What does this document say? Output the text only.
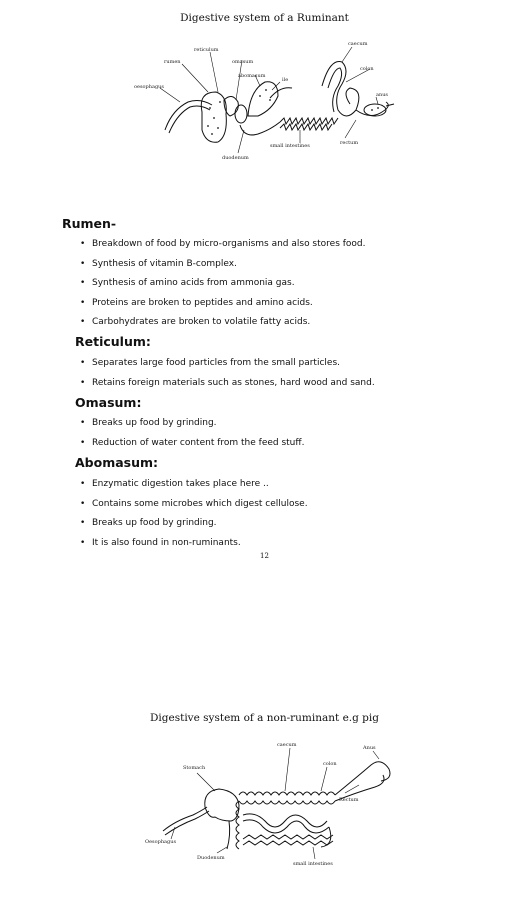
Digestive system of a Ruminant
reticulum
rumen	omasum
abomasum
oesophagus
caecum
colon
anus
ile
small intestines	rectum
duodenum
Rumen-
• Breakdown of food by micro-organisms and also stores food.
• Synthesis of vitamin B-complex.
• Synthesis of amino acids from ammonia gas.
• Proteins are broken to peptides and amino acids.
• Carbohydrates are broken to volatile fatty acids.
Reticulum:
• Separates large food particles from the small particles.
• Retains foreign materials such as stones, hard wood and sand.
Omasum:
• Breaks up food by grinding.
• Reduction of water content from the feed stuff.
Abomasum:
• Enzymatic digestion takes place here ..
• Contains some microbes which digest cellulose.
• Breaks up food by grinding.
• It is also found in non-ruminants.
12
Digestive system of a non-ruminant e.g pig
caecum	Anus
Stomach
colon
Rectum
Oesophagus
Duodenum
small intestines
